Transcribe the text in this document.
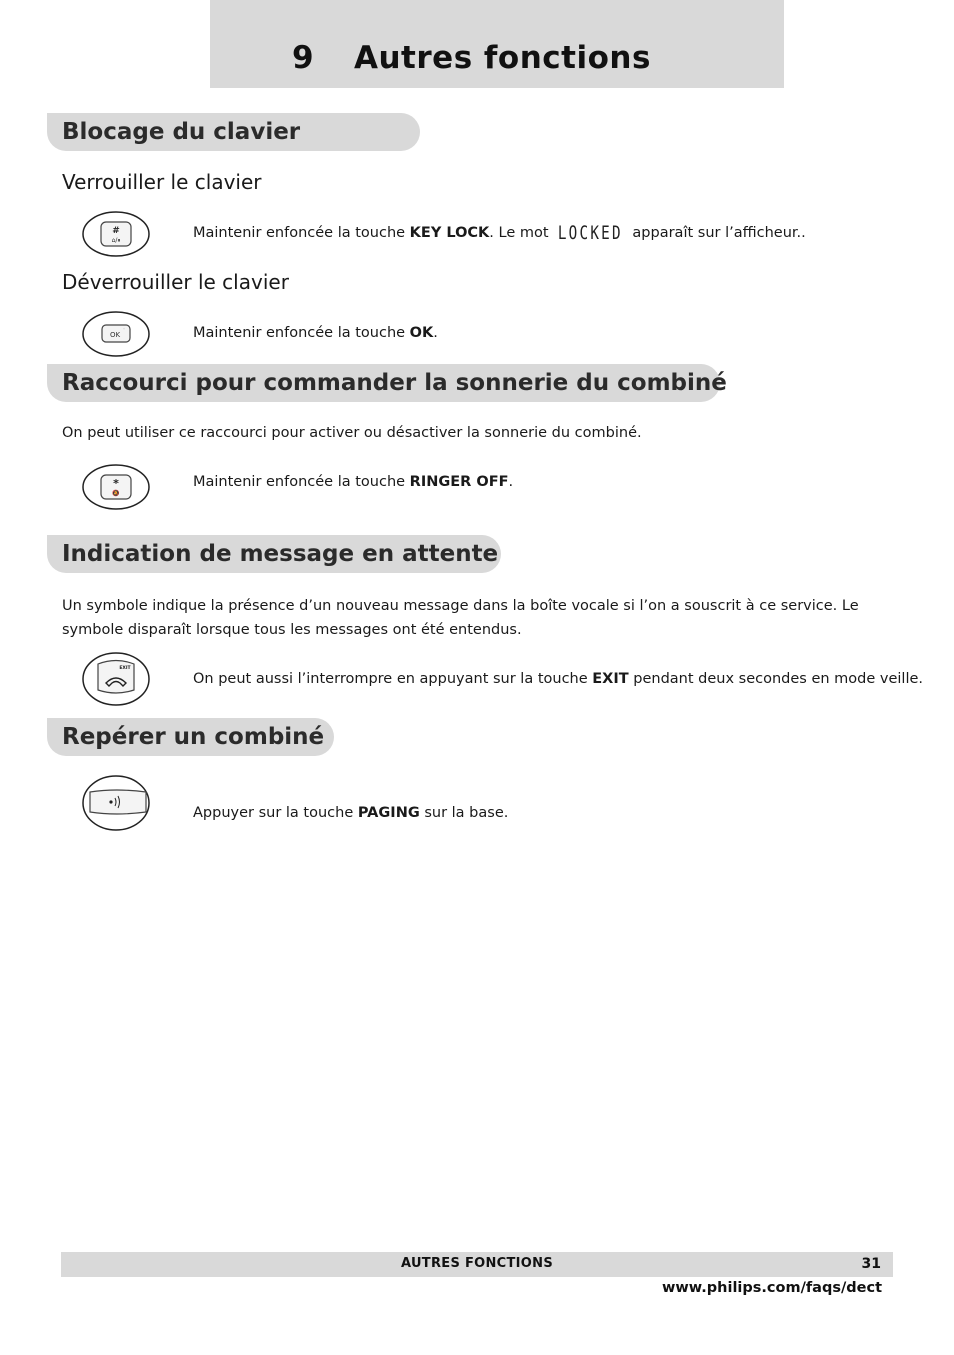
9 Autres fonctions
Blocage du clavier
Verrouiller le clavier
#
⌂/⏸	Maintenir enfoncée la touche KEY LOCK. Le mot LOCKED apparaît sur l’afficheur..

Déverrouiller le clavier
OK
◦	Maintenir enfoncée la touche OK.

Raccourci pour commander la sonnerie du combiné

On peut utiliser ce raccourci pour activer ou désactiver la sonnerie du combiné.

*
🔕

Maintenir enfoncée la touche RINGER OFF.

Indication de message en attente

Un symbole indique la présence d’un nouveau message dans la boîte vocale si l’on a souscrit à ce service. Le symbole disparaît lorsque tous les messages ont été entendus.

EXIT

On peut aussi l’interrompre en appuyant sur la touche EXIT pendant deux secondes en mode veille.

Repérer un combiné

Appuyer sur la touche PAGING sur la base.

AUTRES FONCTIONS	31
www.philips.com/faqs/dect
